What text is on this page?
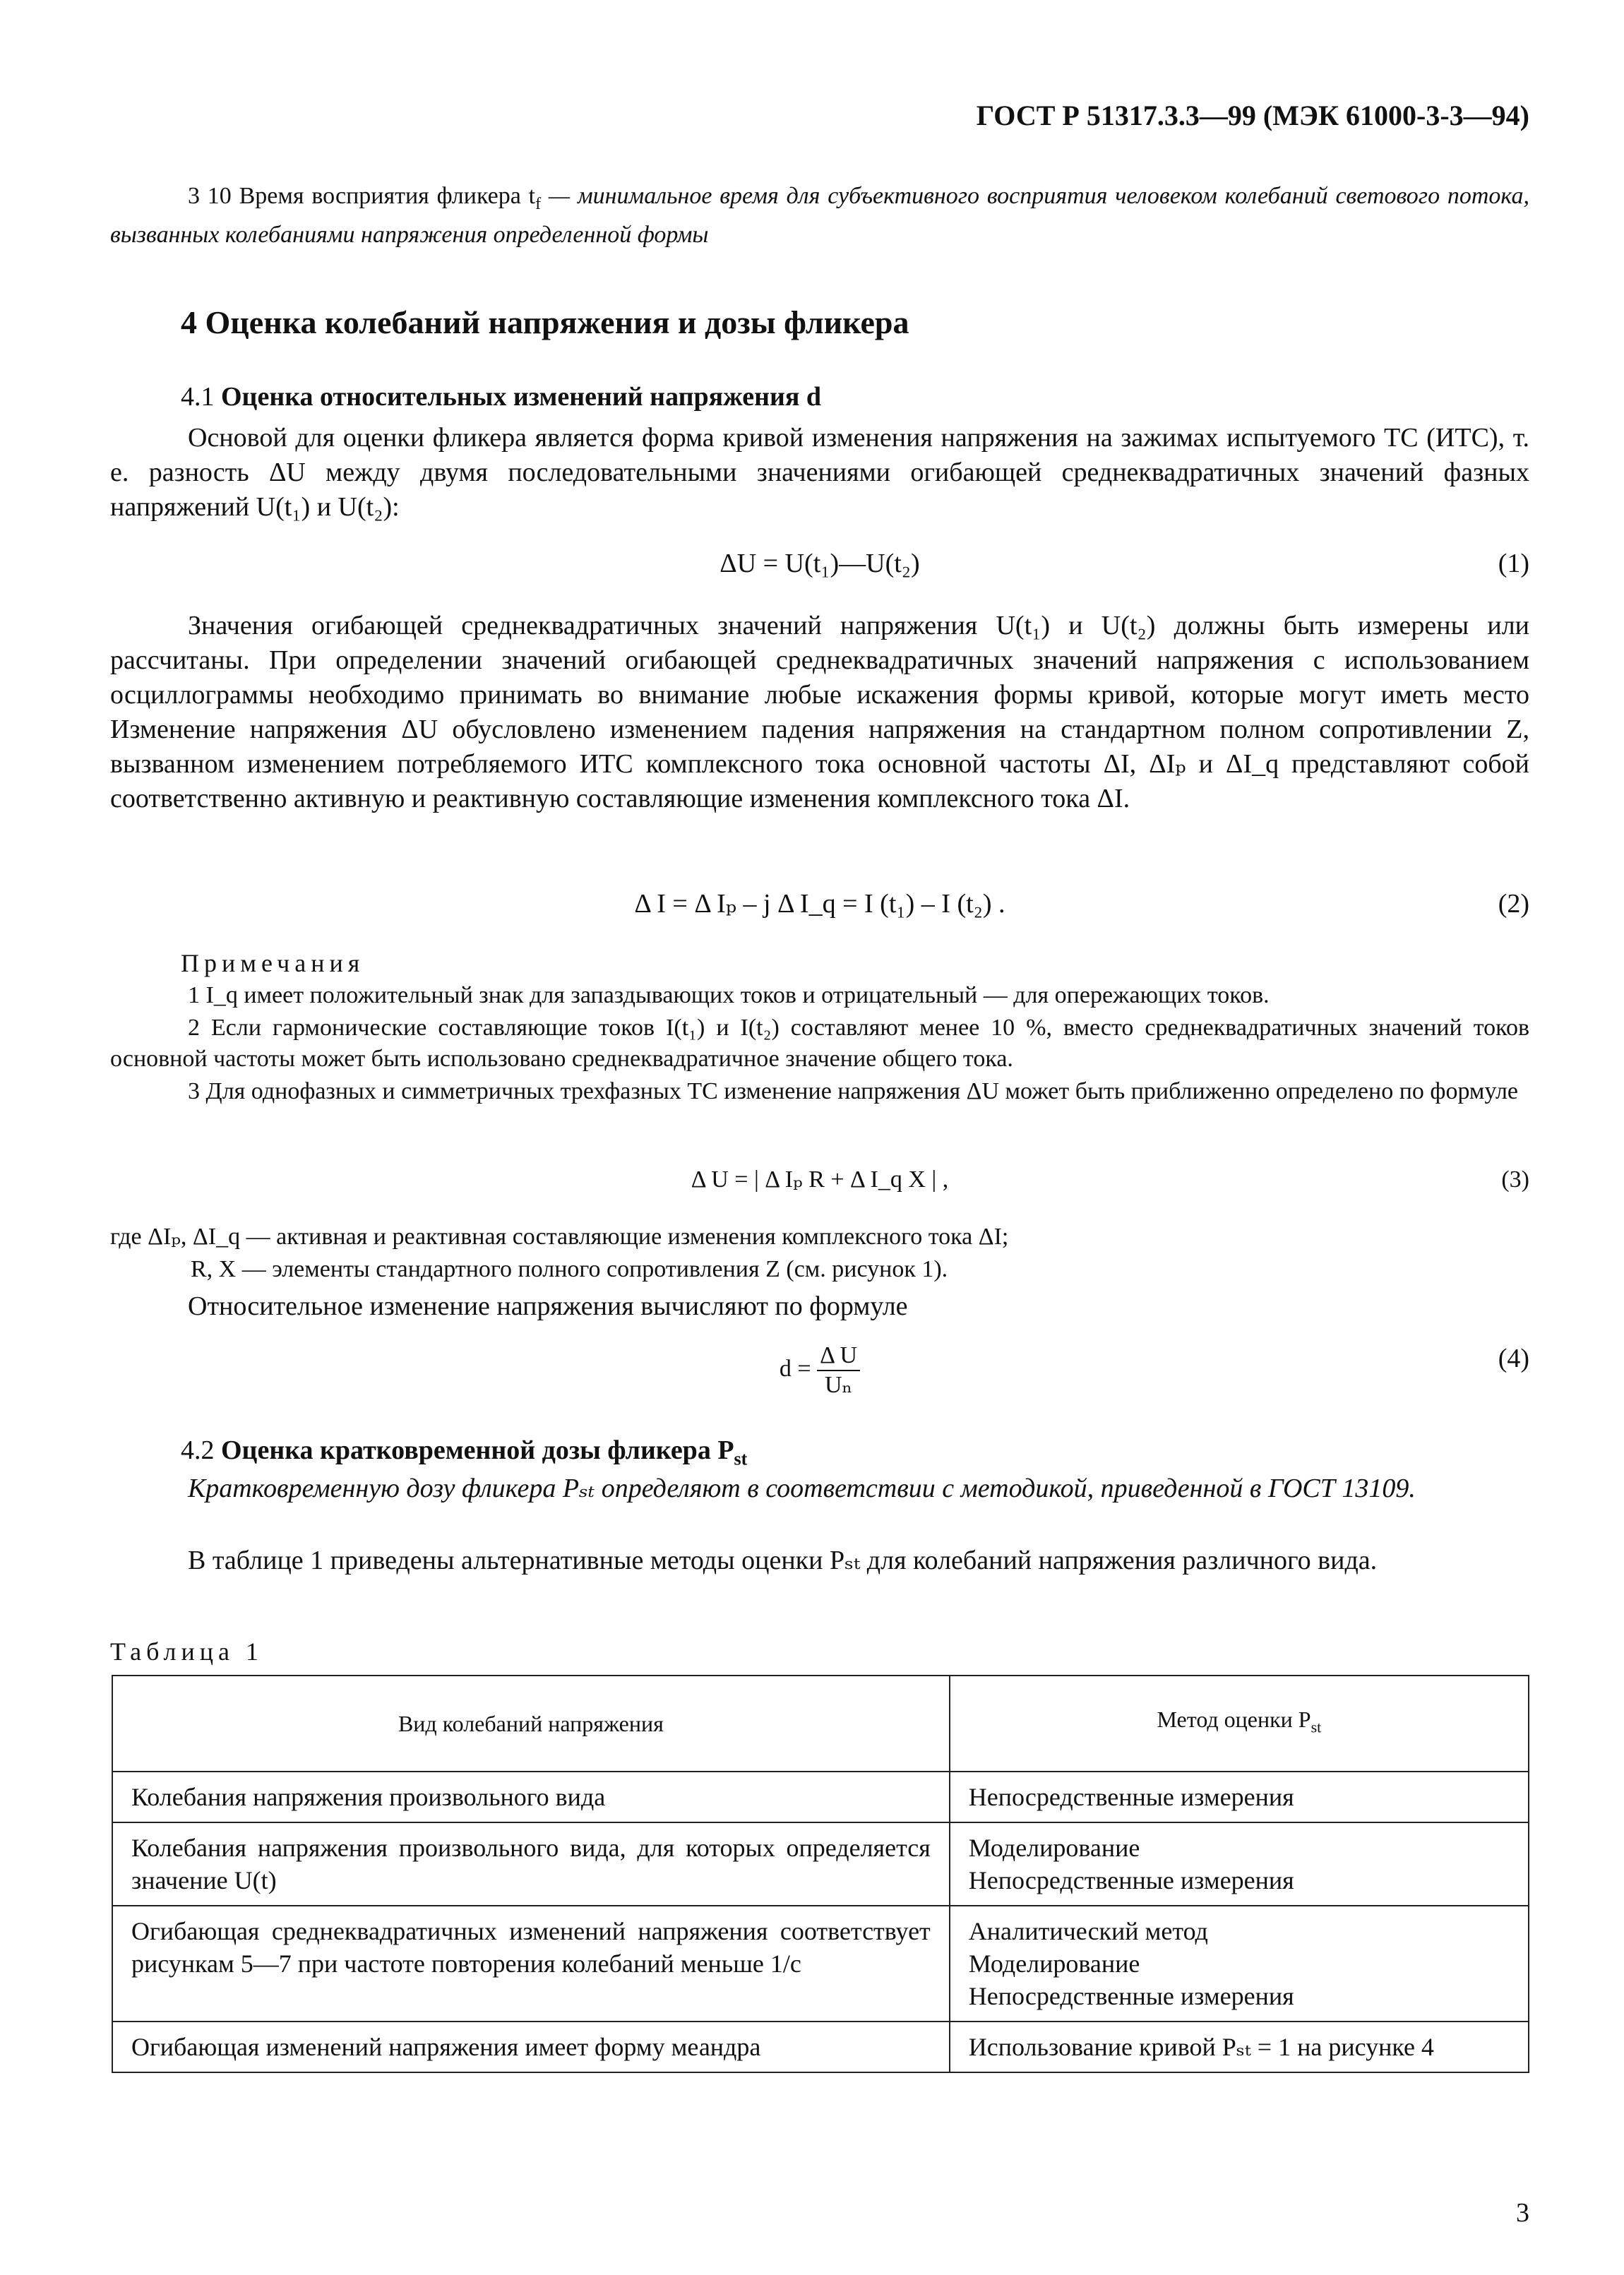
ГОСТ Р 51317.3.3—99 (МЭК 61000-3-3—94)
3 10 Время восприятия фликера $t_f$ — минимальное время для субъективного восприятия человеком колебаний светового потока, вызванных колебаниями напряжения определенной формы
4 Оценка колебаний напряжения и дозы фликера
4.1 Оценка относительных изменений напряжения d
Основой для оценки фликера является форма кривой изменения напряжения на зажимах испытуемого ТС (ИТС), т. е. разность ΔU между двумя последовательными значениями огибающей среднеквадратичных значений фазных напряжений U(t₁) и U(t₂):
ΔU = U(t₁)—U(t₂)	(1)
Значения огибающей среднеквадратичных значений напряжения U(t₁) и U(t₂) должны быть измерены или рассчитаны. При определении значений огибающей среднеквадратичных значений напряжения с использованием осциллограммы необходимо принимать во внимание любые искажения формы кривой, которые могут иметь место Изменение напряжения ΔU обусловлено изменением падения напряжения на стандартном полном сопротивлении Z, вызванном изменением потребляемого ИТС комплексного тока основной частоты ΔI, ΔIₚ и ΔI_q представляют собой соответственно активную и реактивную составляющие изменения комплексного тока ΔI.
Δ I = Δ Iₚ – j Δ I_q = I (t₁) – I (t₂) .	(2)
Примечания
1 I_q имеет положительный знак для запаздывающих токов и отрицательный — для опережающих токов.
2 Если гармонические составляющие токов I(t₁) и I(t₂) составляют менее 10 %, вместо среднеквадратичных значений токов основной частоты может быть использовано среднеквадратичное значение общего тока.
3 Для однофазных и симметричных трехфазных ТС изменение напряжения ΔU может быть приближенно определено по формуле
Δ U = | Δ Iₚ R + Δ I_q X | ,	(3)
где ΔIₚ, ΔI_q — активная и реактивная составляющие изменения комплексного тока ΔI;
R, X — элементы стандартного полного сопротивления Z (см. рисунок 1).
Относительное изменение напряжения вычисляют по формуле
$d = \frac{\text{Δ U}}{\text{Uₙ}}$	(4)
4.2 Оценка кратковременной дозы фликера $P_{st}$
Кратковременную дозу фликера Pₛₜ определяют в соответствии с методикой, приведенной в ГОСТ 13109.
В таблице 1 приведены альтернативные методы оценки Pₛₜ для колебаний напряжения различного вида.
Таблица 1
Вид колебаний напряжения	Метод оценки $P_{st}$
Колебания напряжения произвольного вида	Непосредственные измерения

Колебания напряжения произвольного вида, для которых определяется значение U(t)	Моделирование
Непосредственные измерения

Огибающая среднеквадратичных изменений напряжения соответствует рисункам 5—7 при частоте повторения колебаний меньше 1/с	Аналитический метод
Моделирование
Непосредственные измерения

Огибающая изменений напряжения имеет форму меандра	Использование кривой Pₛₜ = 1 на рисунке 4
3
